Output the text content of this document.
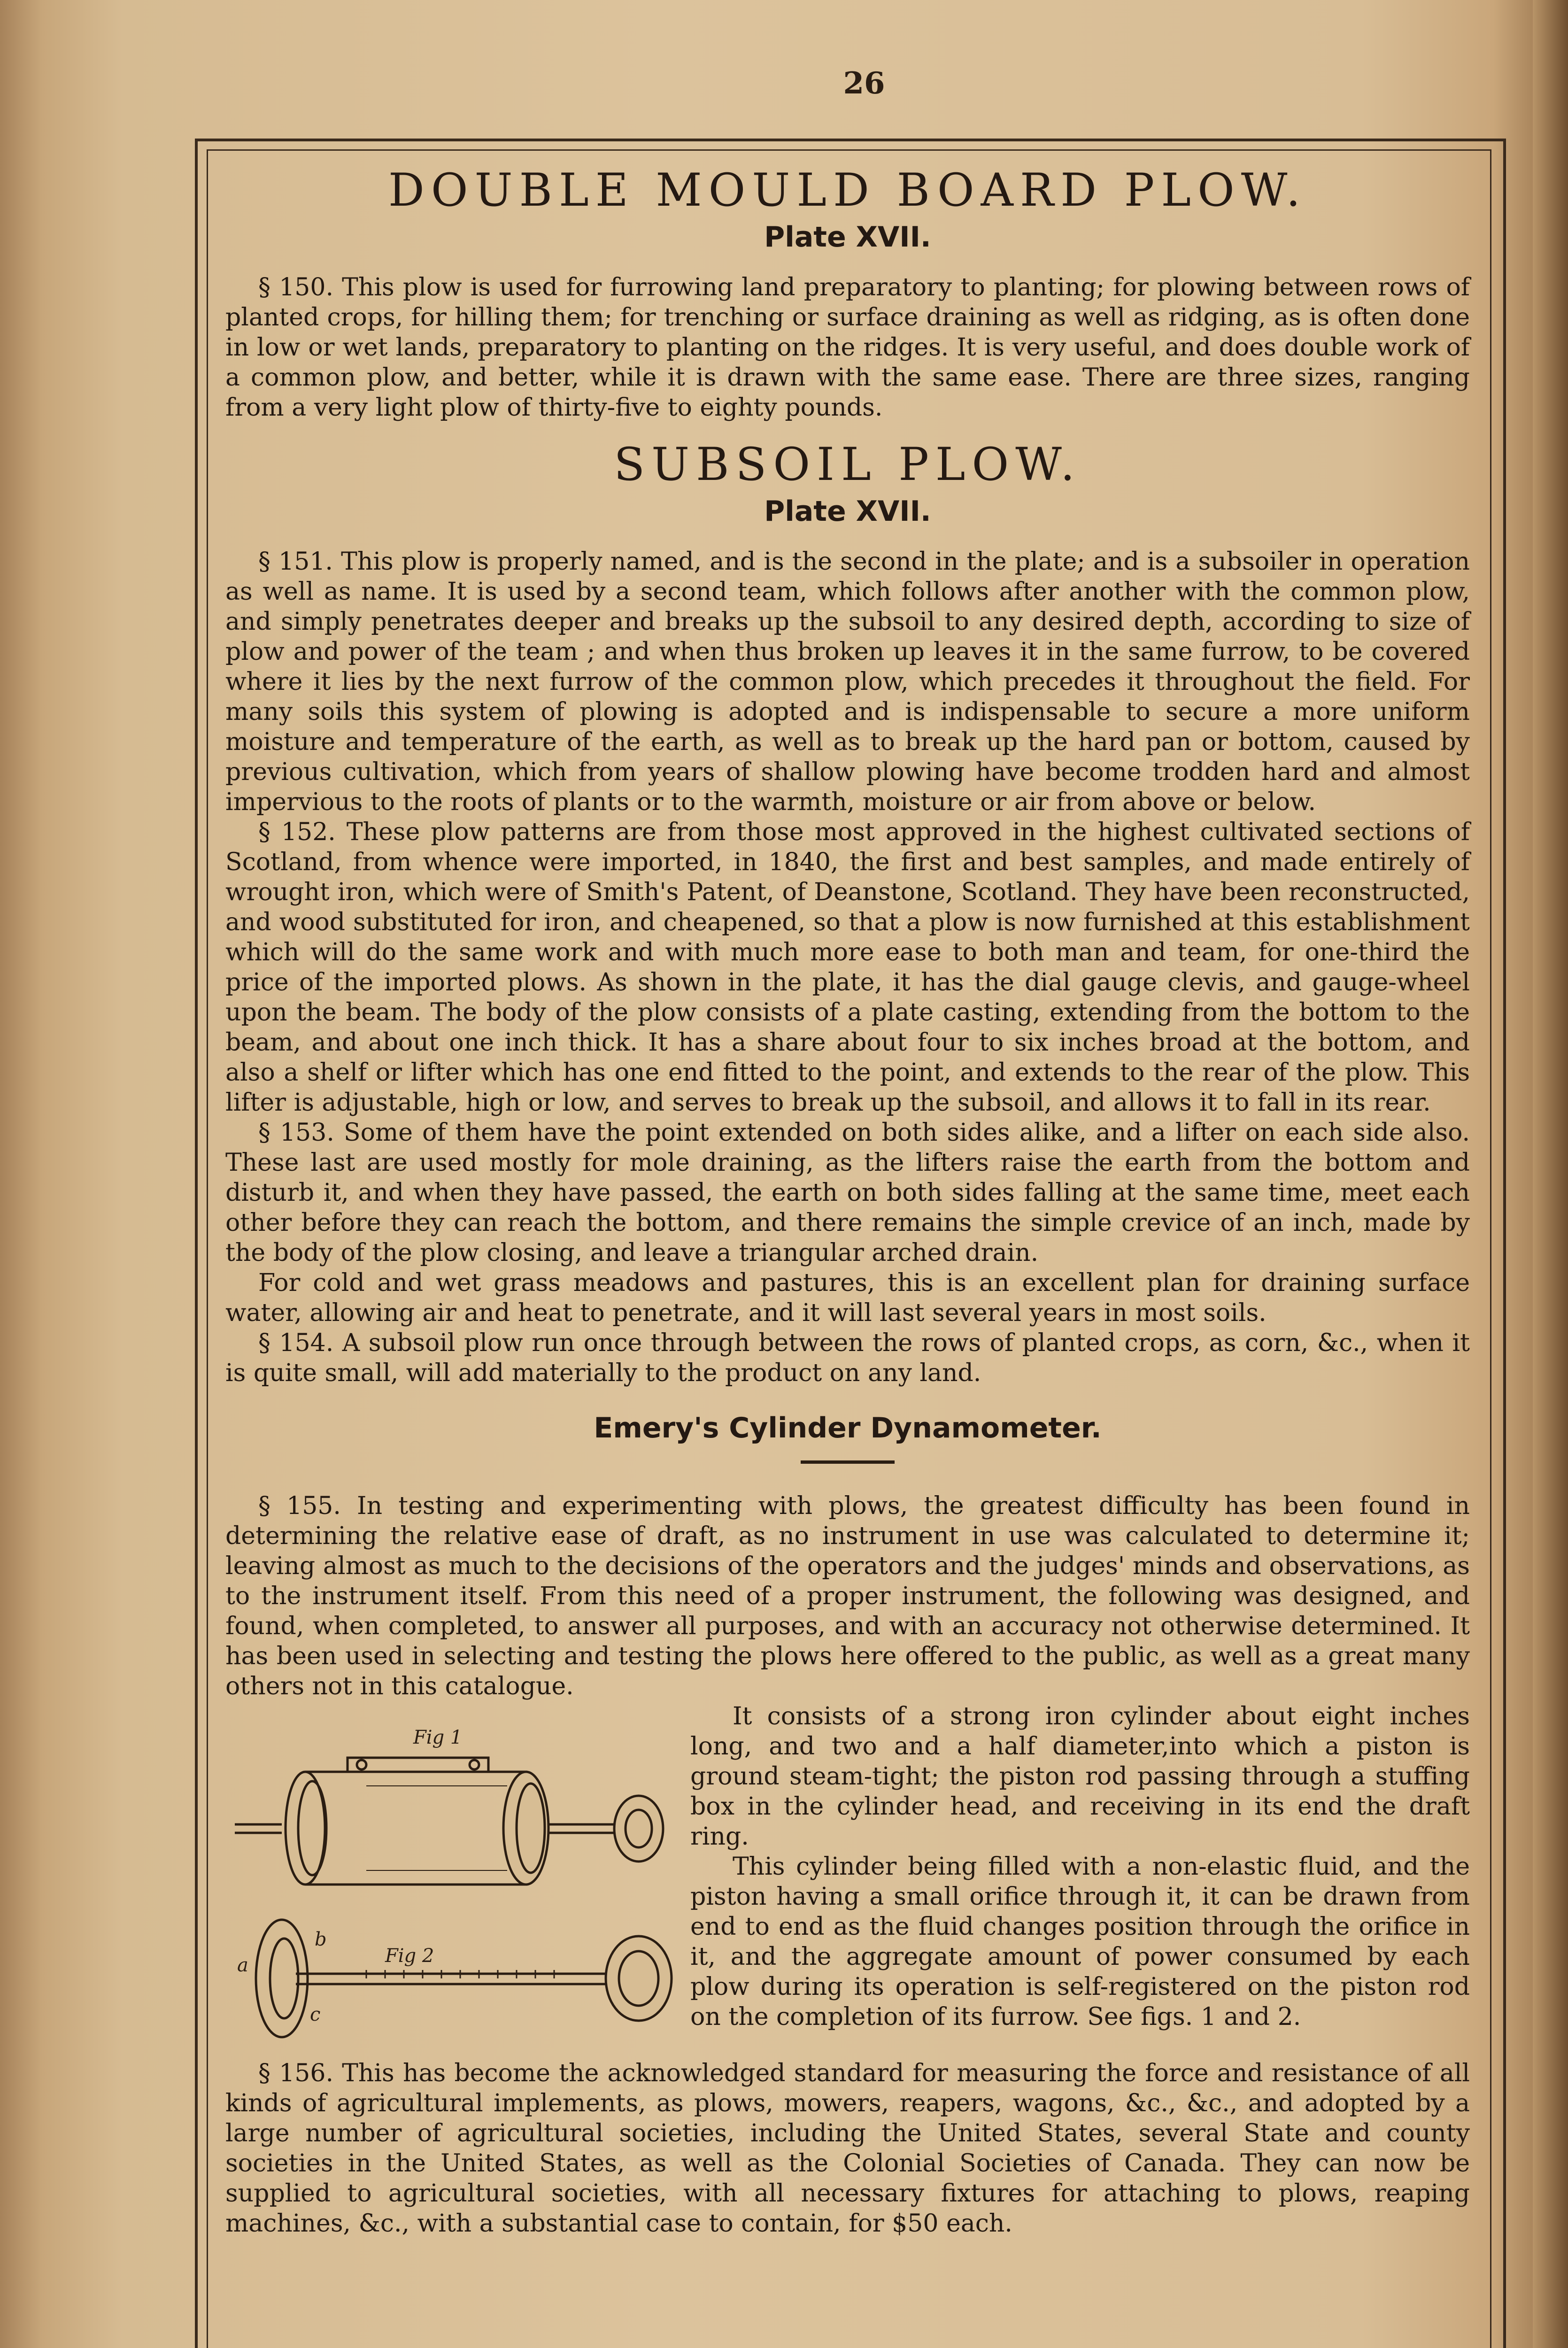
26
DOUBLE MOULD BOARD PLOW.
Plate XVII.

§ 150. This plow is used for furrowing land preparatory to planting; for plowing between rows of planted crops, for hilling them; for trenching or surface draining as well as ridging, as is often done in low or wet lands, preparatory to planting on the ridges. It is very useful, and does double work of a common plow, and better, while it is drawn with the same ease. There are three sizes, ranging from a very light plow of thirty-five to eighty pounds.

SUBSOIL PLOW.
Plate XVII.

§ 151. This plow is properly named, and is the second in the plate; and is a subsoiler in operation as well as name. It is used by a second team, which follows after another with the common plow, and simply penetrates deeper and breaks up the subsoil to any desired depth, according to size of plow and power of the team ; and when thus broken up leaves it in the same furrow, to be covered where it lies by the next furrow of the common plow, which precedes it throughout the field. For many soils this system of plowing is adopted and is indispensable to secure a more uniform moisture and temperature of the earth, as well as to break up the hard pan or bottom, caused by previous cultivation, which from years of shallow plowing have become trodden hard and almost impervious to the roots of plants or to the warmth, moisture or air from above or below.

§ 152. These plow patterns are from those most approved in the highest cultivated sections of Scotland, from whence were imported, in 1840, the first and best samples, and made entirely of wrought iron, which were of Smith's Patent, of Deanstone, Scotland. They have been reconstructed, and wood substituted for iron, and cheapened, so that a plow is now furnished at this establishment which will do the same work and with much more ease to both man and team, for one-third the price of the imported plows. As shown in the plate, it has the dial gauge clevis, and gauge-wheel upon the beam. The body of the plow consists of a plate casting, extending from the bottom to the beam, and about one inch thick. It has a share about four to six inches broad at the bottom, and also a shelf or lifter which has one end fitted to the point, and extends to the rear of the plow. This lifter is adjustable, high or low, and serves to break up the subsoil, and allows it to fall in its rear.

§ 153. Some of them have the point extended on both sides alike, and a lifter on each side also. These last are used mostly for mole draining, as the lifters raise the earth from the bottom and disturb it, and when they have passed, the earth on both sides falling at the same time, meet each other before they can reach the bottom, and there remains the simple crevice of an inch, made by the body of the plow closing, and leave a triangular arched drain.

For cold and wet grass meadows and pastures, this is an excellent plan for draining surface water, allowing air and heat to penetrate, and it will last several years in most soils.

§ 154. A subsoil plow run once through between the rows of planted crops, as corn, &c., when it is quite small, will add materially to the product on any land.

Emery's Cylinder Dynamometer.

§ 155. In testing and experimenting with plows, the greatest difficulty has been found in determining the relative ease of draft, as no instrument in use was calculated to determine it; leaving almost as much to the decisions of the operators and the judges' minds and observations, as to the instrument itself. From this need of a proper instrument, the following was designed, and found, when completed, to answer all purposes, and with an accuracy not otherwise determined. It has been used in selecting and testing the plows here offered to the public, as well as a great many others not in this catalogue.

Fig 1
Fig 2
a
b
c

It consists of a strong iron cylinder about eight inches long, and two and a half diameter,into which a piston is ground steam-tight; the piston rod passing through a stuffing box in the cylinder head, and receiving in its end the draft ring.

This cylinder being filled with a non-elastic fluid, and the piston having a small orifice through it, it can be drawn from end to end as the fluid changes position through the orifice in it, and the aggregate amount of power consumed by each plow during its operation is self-registered on the piston rod on the completion of its furrow. See figs. 1 and 2.

§ 156. This has become the acknowledged standard for measuring the force and resistance of all kinds of agricultural implements, as plows, mowers, reapers, wagons, &c., &c., and adopted by a large number of agricultural societies, including the United States, several State and county societies in the United States, as well as the Colonial Societies of Canada. They can now be supplied to agricultural societies, with all necessary fixtures for attaching to plows, reaping machines, &c., with a substantial case to contain, for $50 each.
